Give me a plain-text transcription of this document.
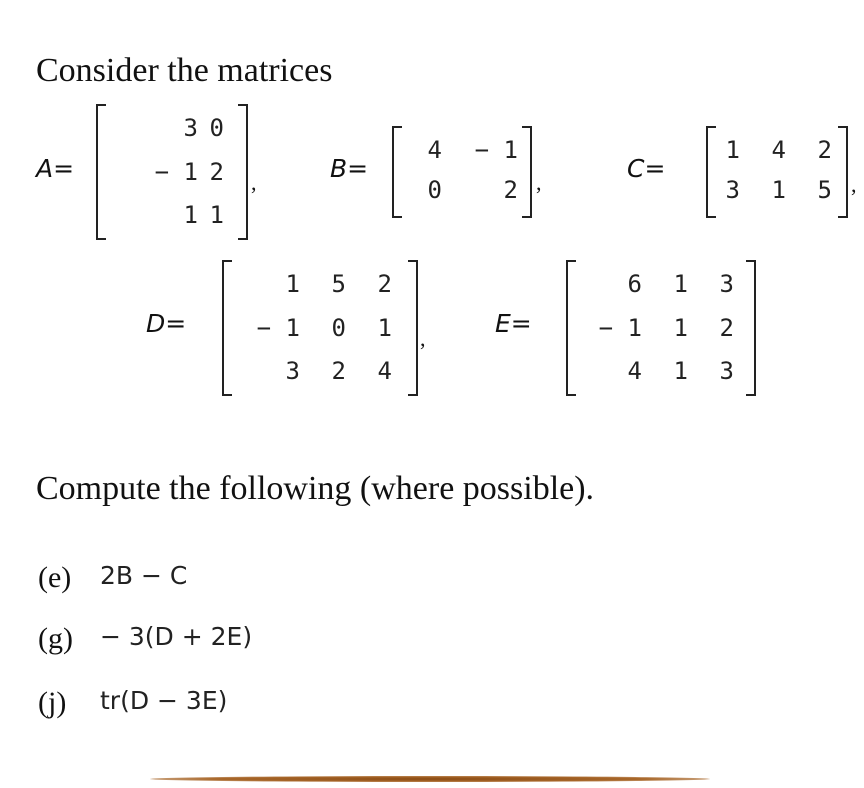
Consider the matrices
A=
3 0
− 1 2
1 1
,	B=
4	− 1
0	2 ,	C=
1	4	2
3	1	5 ,
D=
1	5	2
− 1	0	1
3	2	4
,
E=
6	1	3
− 1	1	2
4	1	3
Compute the following (where possible).
(e) 2B − C
(g) − 3(D + 2E)
(j) tr(D − 3E)
